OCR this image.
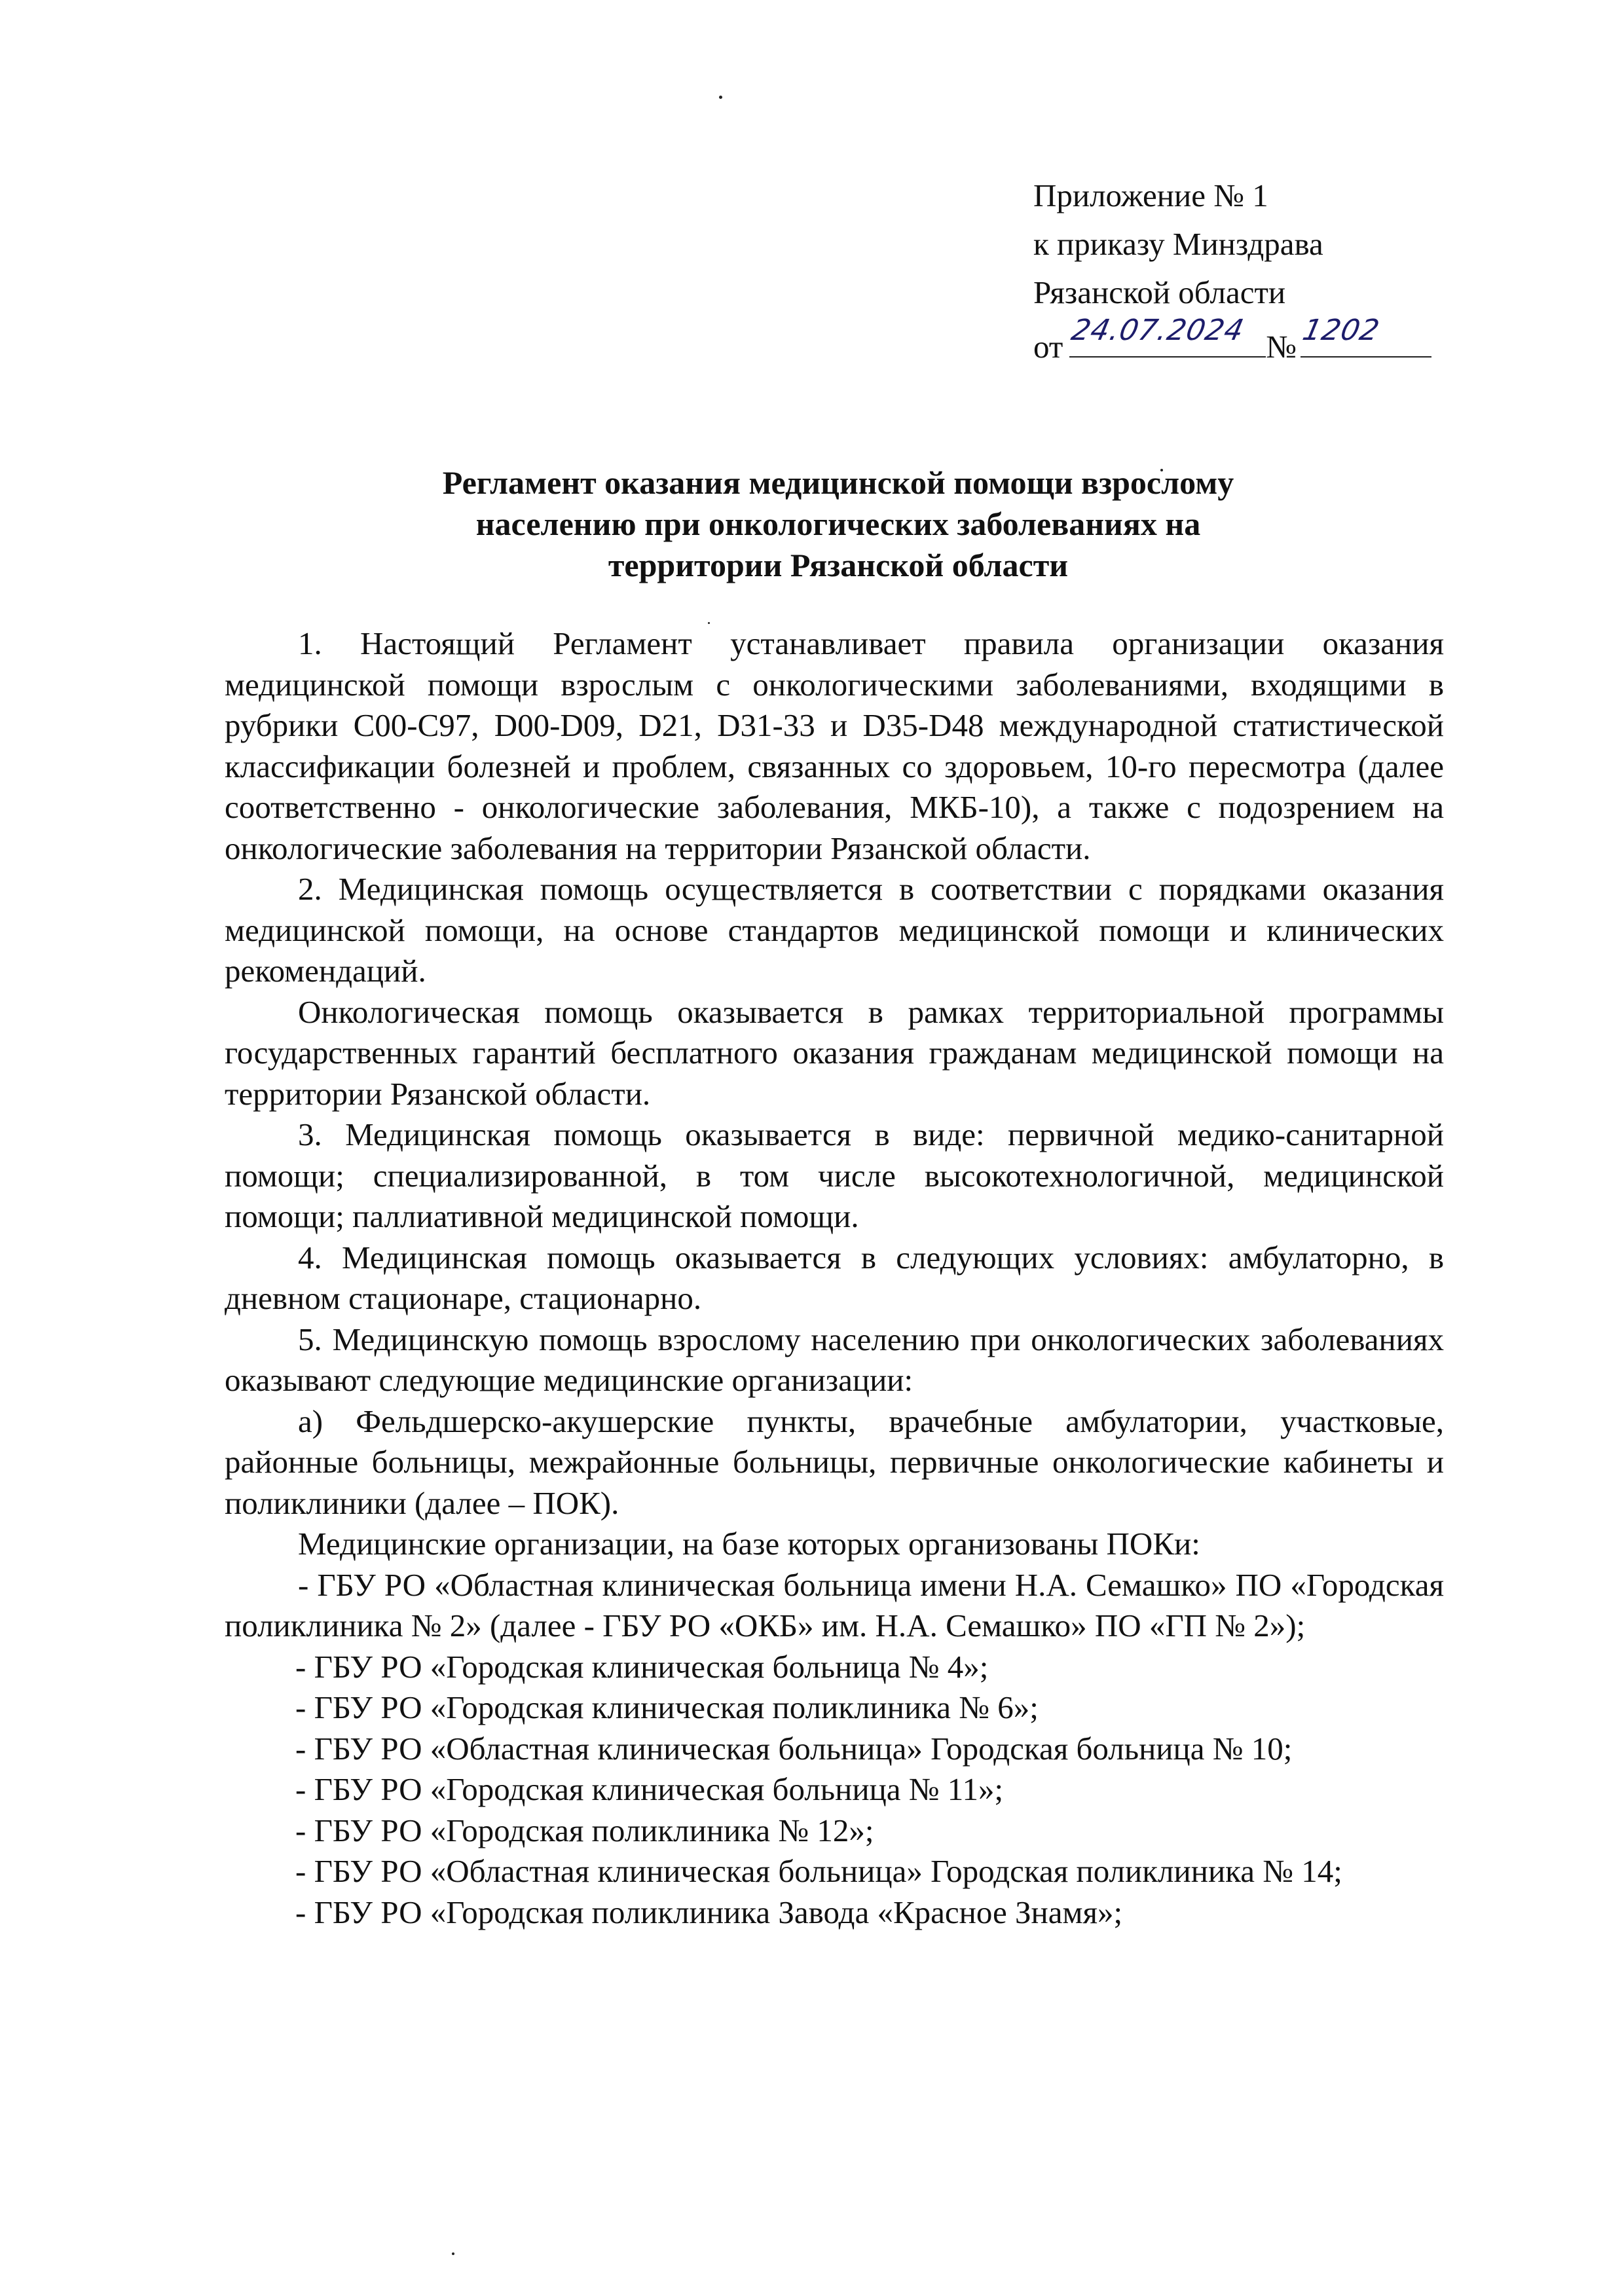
Приложение № 1
к приказу Минздрава
Рязанской области
от 24.07.2024 № 1202
Регламент оказания медицинской помощи взрослому
населению при онкологических заболеваниях на
территории Рязанской области

1. Настоящий Регламент устанавливает правила организации оказания медицинской помощи взрослым с онкологическими заболеваниями, входящими в рубрики С00-С97, D00-D09, D21, D31-33 и D35-D48 международной статистической классификации болезней и проблем, связанных со здоровьем, 10-го пересмотра (далее соответственно - онкологические заболевания, МКБ-10), а также с подозрением на онкологические заболевания на территории Рязанской области.

2. Медицинская помощь осуществляется в соответствии с порядками оказания медицинской помощи, на основе стандартов медицинской помощи и клинических рекомендаций.

Онкологическая помощь оказывается в рамках территориальной программы государственных гарантий бесплатного оказания гражданам медицинской помощи на территории Рязанской области.

3. Медицинская помощь оказывается в виде: первичной медико-санитарной помощи; специализированной, в том числе высокотехнологичной, медицинской помощи; паллиативной медицинской помощи.

4. Медицинская помощь оказывается в следующих условиях: амбулаторно, в дневном стационаре, стационарно.

5. Медицинскую помощь взрослому населению при онкологических заболеваниях оказывают следующие медицинские организации:

а) Фельдшерско-акушерские пункты, врачебные амбулатории, участковые, районные больницы, межрайонные больницы, первичные онкологические кабинеты и поликлиники (далее – ПОК).

Медицинские организации, на базе которых организованы ПОКи:

- ГБУ РО «Областная клиническая больница имени Н.А. Семашко» ПО «Городская поликлиника № 2» (далее - ГБУ РО «ОКБ» им. Н.А. Семашко» ПО «ГП № 2»);

- ГБУ РО «Городская клиническая больница № 4»;

- ГБУ РО «Городская клиническая поликлиника № 6»;

- ГБУ РО «Областная клиническая больница» Городская больница № 10;

- ГБУ РО «Городская клиническая больница № 11»;

- ГБУ РО «Городская поликлиника № 12»;

- ГБУ РО «Областная клиническая больница» Городская поликлиника № 14;

- ГБУ РО «Городская поликлиника Завода «Красное Знамя»;
